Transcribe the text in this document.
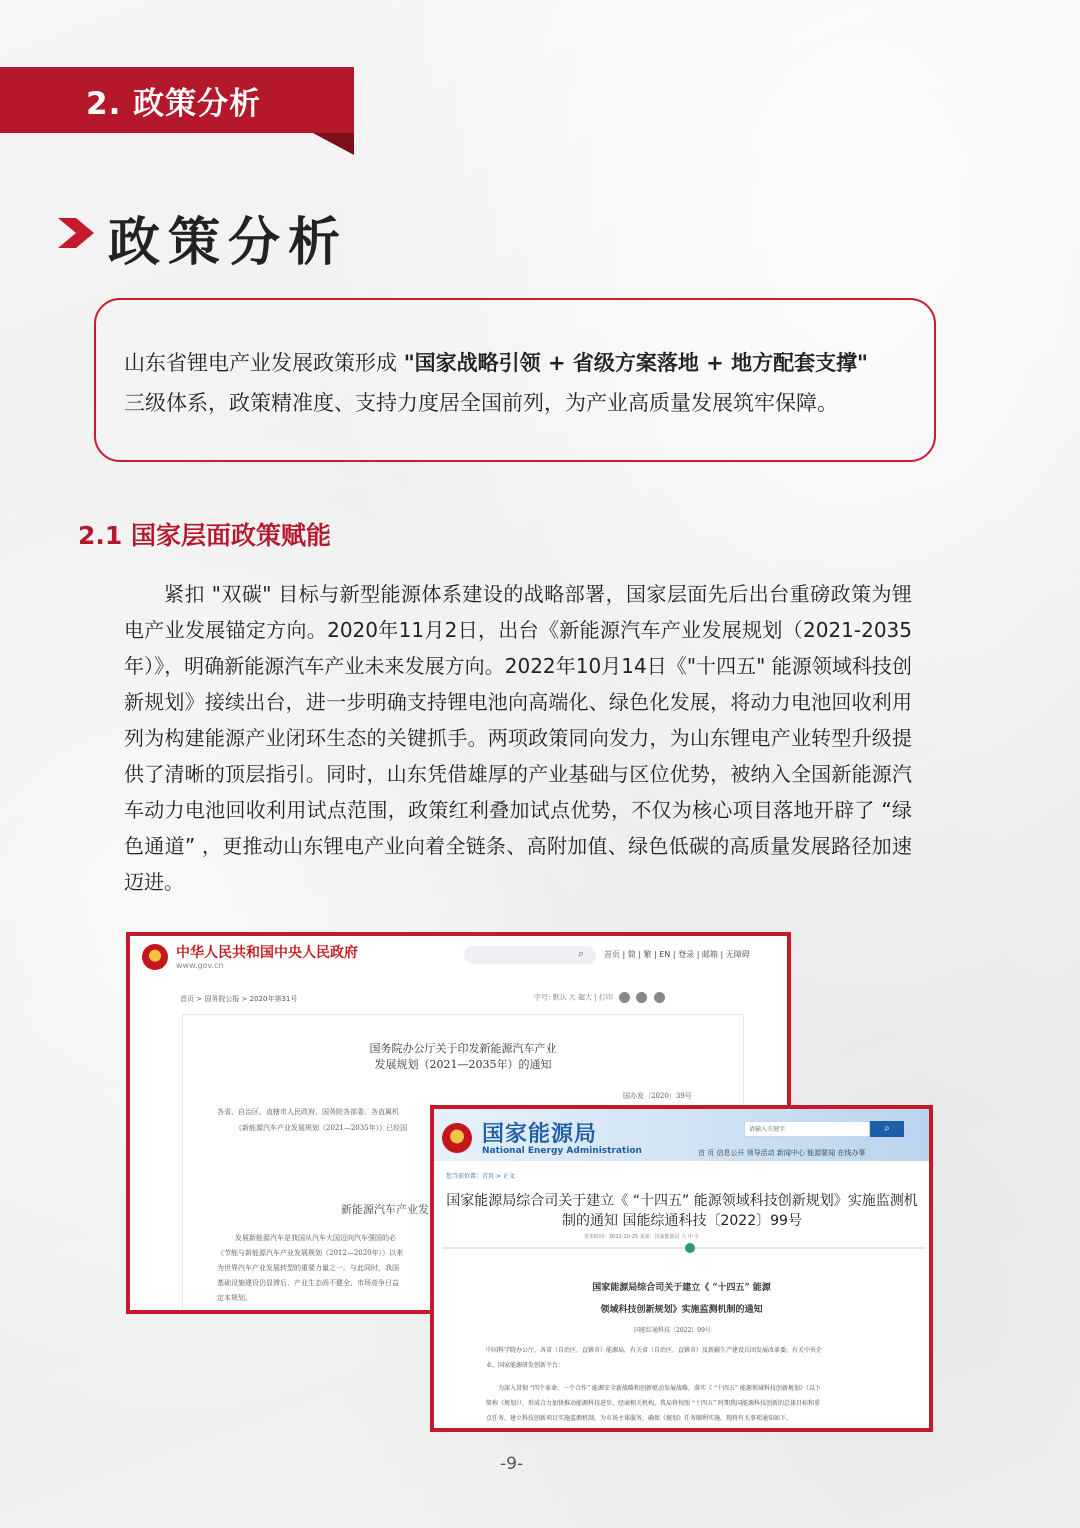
2. 政策分析
政策分析
山东省锂电产业发展政策形成 "国家战略引领 + 省级方案落地 + 地方配套支撑"
三级体系，政策精准度、支持力度居全国前列，为产业高质量发展筑牢保障。
2.1 国家层面政策赋能
紧扣 "双碳" 目标与新型能源体系建设的战略部署，国家层面先后出台重磅政策为锂电产业发展锚定方向。2020年11月2日，出台《新能源汽车产业发展规划（2021-2035年）》，明确新能源汽车产业未来发展方向。2022年10月14日《"十四五" 能源领域科技创新规划》接续出台，进一步明确支持锂电池向高端化、绿色化发展，将动力电池回收利用列为构建能源产业闭环生态的关键抓手。两项政策同向发力，为山东锂电产业转型升级提供了清晰的顶层指引。同时，山东凭借雄厚的产业基础与区位优势，被纳入全国新能源汽车动力电池回收利用试点范围，政策红利叠加试点优势，不仅为核心项目落地开辟了 “绿色通道” ，更推动山东锂电产业向着全链条、高附加值、绿色低碳的高质量发展路径加速迈进。
中华人民共和国中央人民政府
www.gov.cn
⌕ 首页 | 简 | 繁 | EN | 登录 | 邮箱 | 无障碍
首页 > 国务院公报 > 2020年第31号	字号: 默认 大 超大 | 打印
国务院办公厅关于印发新能源汽车产业
发展规划（2021—2035年）的通知
国办发〔2020〕39号
各省、自治区、直辖市人民政府，国务院各部委、各直属机
《新能源汽车产业发展规划（2021—2035年）》已经国
新能源汽车产业发
发展新能源汽车是我国从汽车大国迈向汽车强国的必
《节能与新能源汽车产业发展规划（2012—2020年）》以来
为世界汽车产业发展转型的重要力量之一。与此同时，我国
基础设施建设仍显滞后、产业生态尚不健全、市场竞争日益
定本规划。
国家能源局
National Energy Administration
请输入关键字	⌕
首 页 信息公开 领导活动 新闻中心 能源要闻 在线办事
您当前位置：首页 > 正文
国家能源局综合司关于建立《 “十四五” 能源领域科技创新规划》实施监测机制的通知 国能综通科技〔2022〕99号
发布时间：2022-10-25 来源：国家能源局 大 中 小
国家能源局综合司关于建立《 “十四五” 能源
领域科技创新规划》实施监测机制的通知
国能综通科技〔2022〕99号
中国科学院办公厅，各省（自治区、直辖市）能源局，有关省（自治区、直辖市）及新疆生产建设兵团发展改革委，有关中央企
业、国家能源研发创新平台：
为深入贯彻 “四个革命、一个合作” 能源安全新战略和创新驱动发展战略，落实《 “十四五” 能源领域科技创新规划》（以下
简称《规划》），形成合力加快推动能源科技进步，经商相关机构，我局将按照 “十四五” 时期我国能源科技创新的总体目标和重
点任务，建立科技创新项目实施监测机制，为市场主体服务，确保《规划》任务顺利实施。现将有关事项通知如下。
-9-
